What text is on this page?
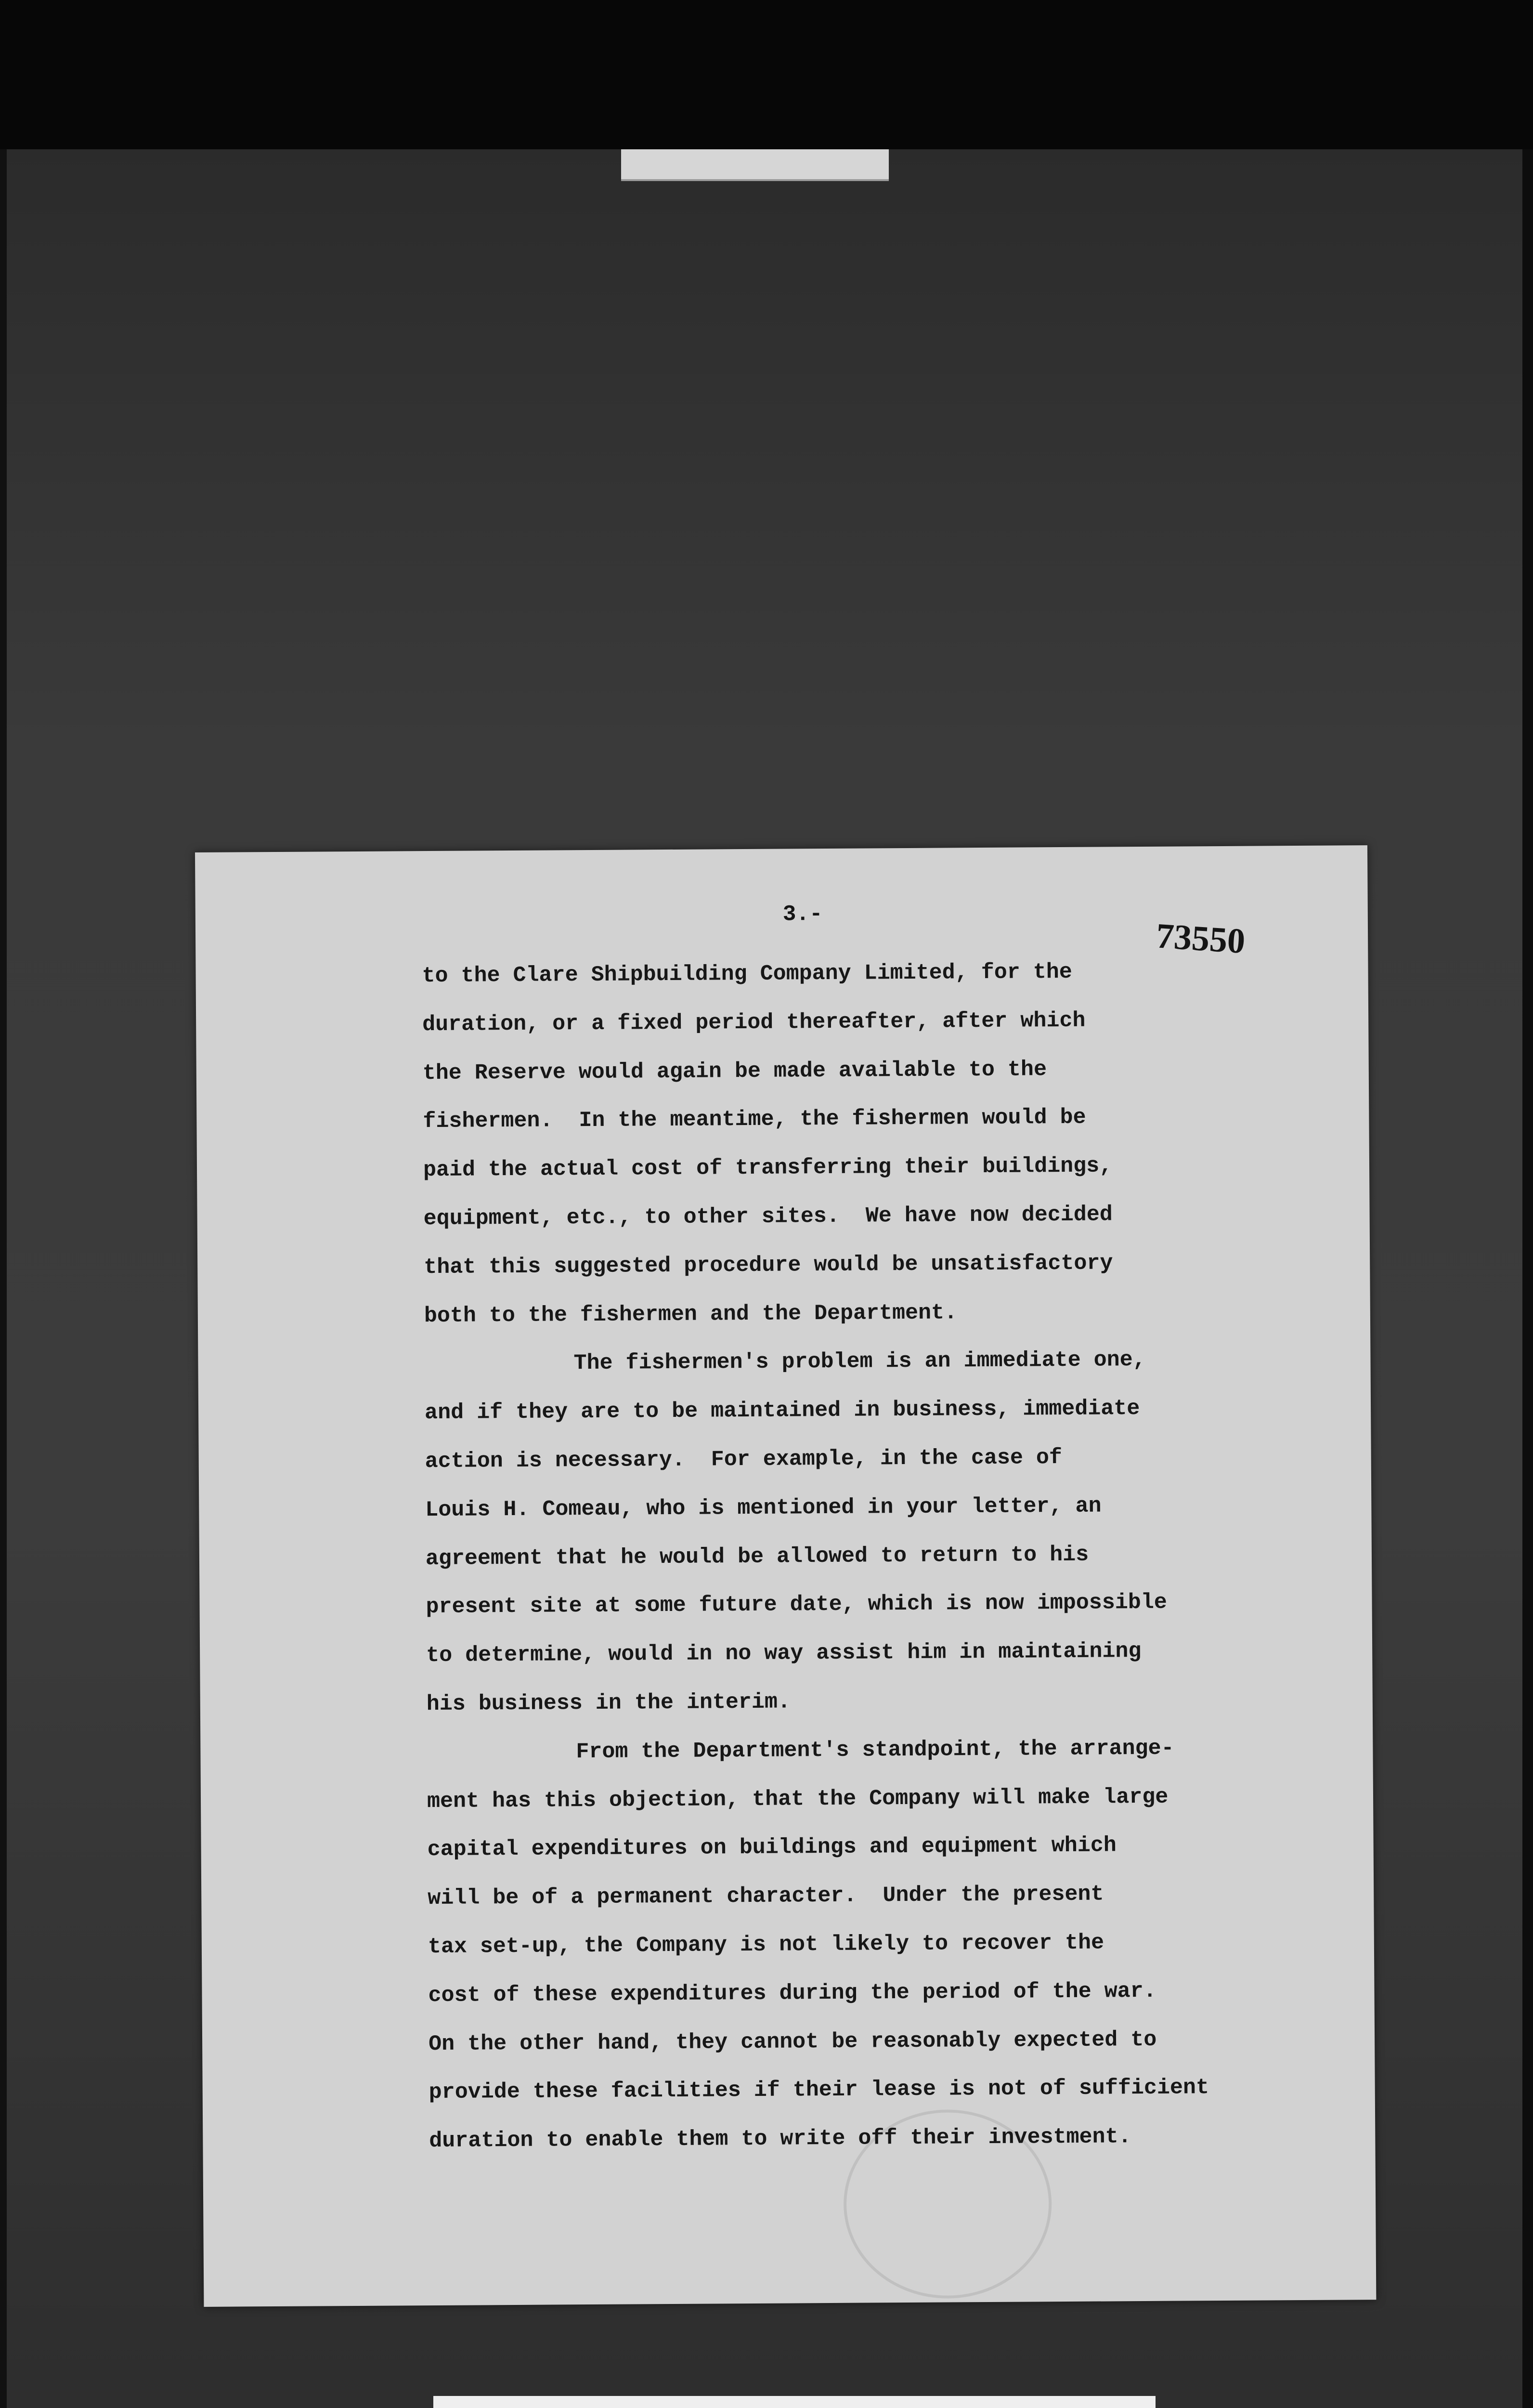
3.-
73550

to the Clare Shipbuilding Company Limited, for the
duration, or a fixed period thereafter, after which
the Reserve would again be made available to the
fishermen.  In the meantime, the fishermen would be
paid the actual cost of transferring their buildings,
equipment, etc., to other sites.  We have now decided
that this suggested procedure would be unsatisfactory
both to the fishermen and the Department.

The fishermen's problem is an immediate one,
and if they are to be maintained in business, immediate
action is necessary.  For example, in the case of
Louis H. Comeau, who is mentioned in your letter, an
agreement that he would be allowed to return to his
present site at some future date, which is now impossible
to determine, would in no way assist him in maintaining
his business in the interim.

From the Department's standpoint, the arrange-
ment has this objection, that the Company will make large
capital expenditures on buildings and equipment which
will be of a permanent character.  Under the present
tax set-up, the Company is not likely to recover the
cost of these expenditures during the period of the war.
On the other hand, they cannot be reasonably expected to
provide these facilities if their lease is not of sufficient
duration to enable them to write off their investment.
